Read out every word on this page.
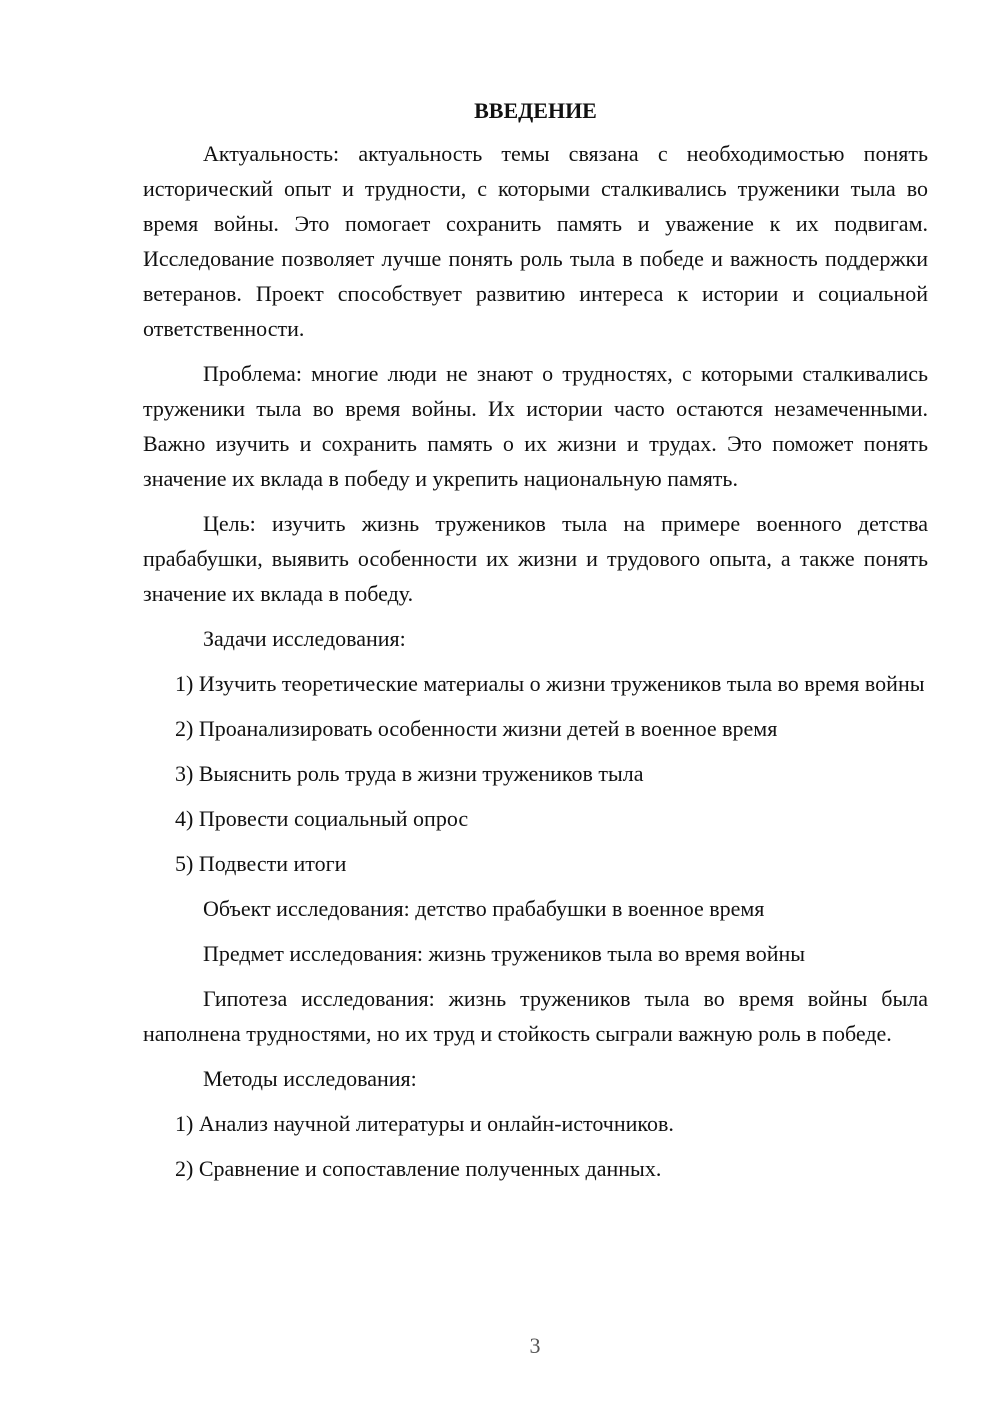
ВВЕДЕНИЕ

Актуальность: актуальность темы связана с необходимостью понять исторический опыт и трудности, с которыми сталкивались труженики тыла во время войны. Это помогает сохранить память и уважение к их подвигам. Исследование позволяет лучше понять роль тыла в победе и важность поддержки ветеранов. Проект способствует развитию интереса к истории и социальной ответственности.

Проблема: многие люди не знают о трудностях, с которыми сталкивались труженики тыла во время войны. Их истории часто остаются незамеченными. Важно изучить и сохранить память о их жизни и трудах. Это поможет понять значение их вклада в победу и укрепить национальную память.

Цель: изучить жизнь тружеников тыла на примере военного детства прабабушки, выявить особенности их жизни и трудового опыта, а также понять значение их вклада в победу.

Задачи исследования:

1) Изучить теоретические материалы о жизни тружеников тыла во время войны

2) Проанализировать особенности жизни детей в военное время

3) Выяснить роль труда в жизни тружеников тыла

4) Провести социальный опрос

5) Подвести итоги

Объект исследования: детство прабабушки в военное время

Предмет исследования: жизнь тружеников тыла во время войны

Гипотеза исследования: жизнь тружеников тыла во время войны была наполнена трудностями, но их труд и стойкость сыграли важную роль в победе.

Методы исследования:

1) Анализ научной литературы и онлайн-источников.

2) Сравнение и сопоставление полученных данных.

3
